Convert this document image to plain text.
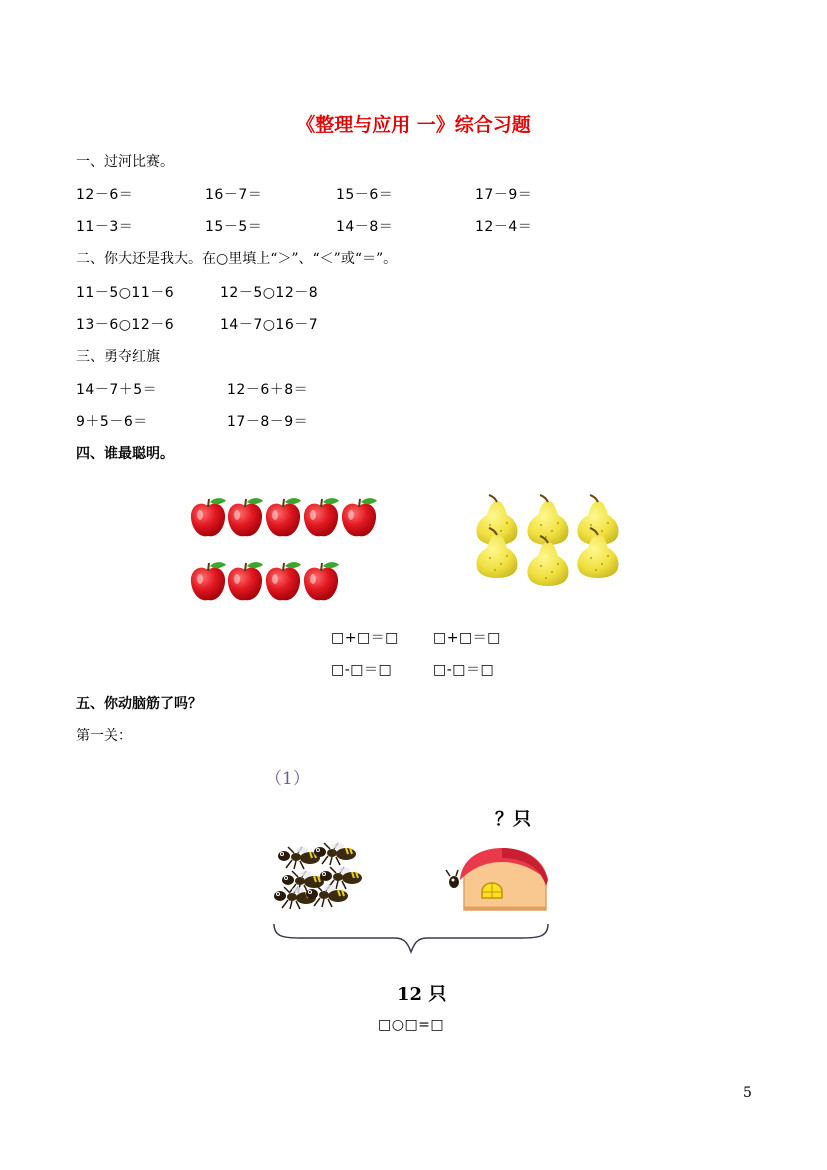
《整理与应用 一》综合习题
一、过河比赛。
12－6＝	16－7＝	15－6＝	17－9＝
11－3＝	15－5＝	14－8＝	12－4＝
二、你大还是我大。在○里填上“＞”、“＜”或“＝”。
11－5○11－6	12－5○12－8
13－6○12－6	14－7○16－7
三、勇夺红旗
14－7＋5＝	12－6＋8＝
9＋5－6＝	17－8－9＝
四、谁最聪明。
□+□＝□ □+□＝□
□-□＝□	□-□＝□
五、你动脑筋了吗？
第一关：
（1）
？只
12 只
□○□=□
5
